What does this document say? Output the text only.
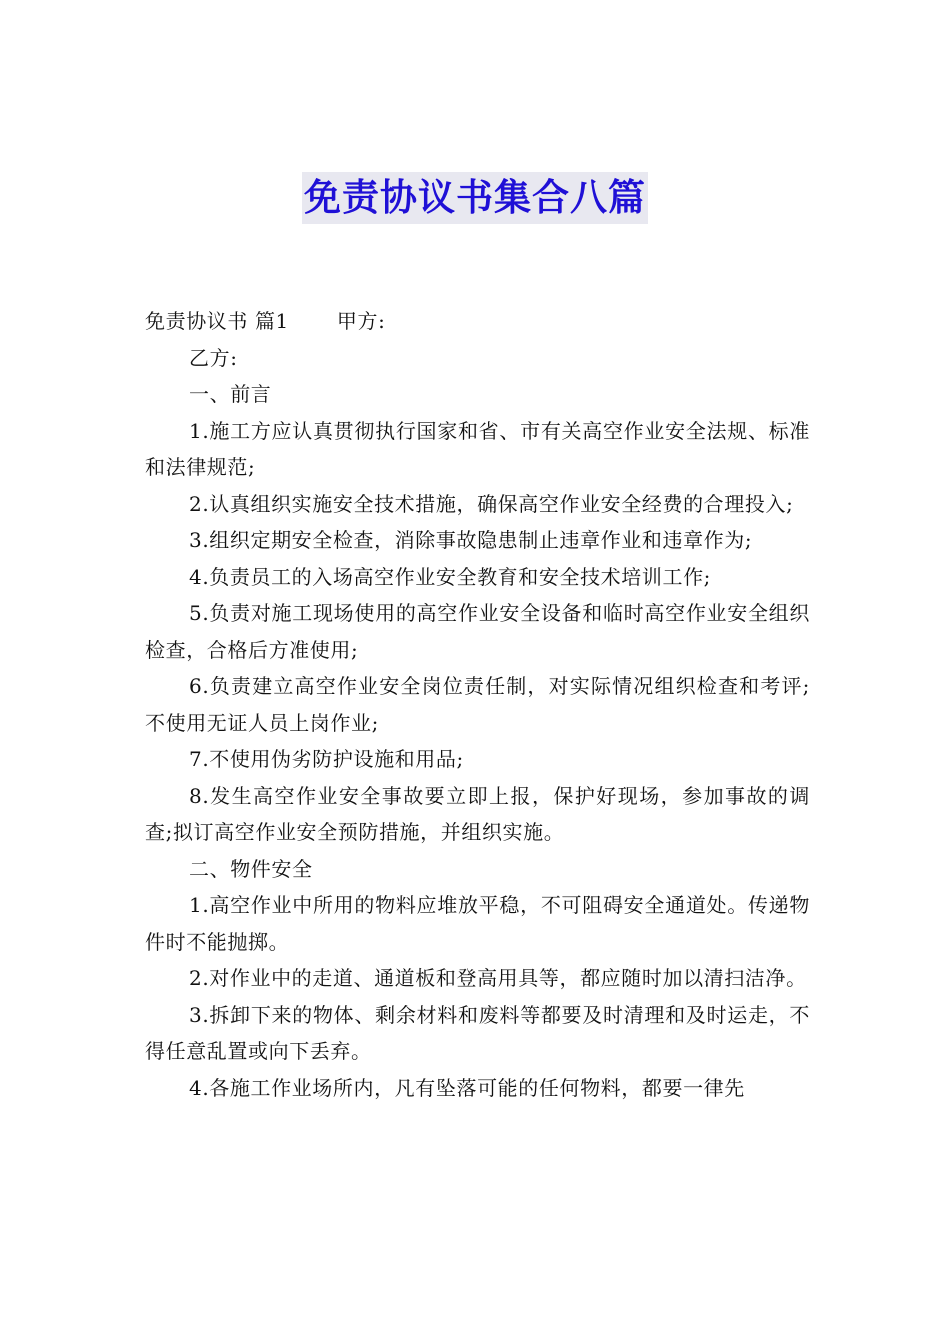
免责协议书集合八篇

免责协议书 篇1 甲方:

乙方:

一、前言

1.施工方应认真贯彻执行国家和省、市有关高空作业安全法规、标准和法律规范;

2.认真组织实施安全技术措施，确保高空作业安全经费的合理投入;

3.组织定期安全检查，消除事故隐患制止违章作业和违章作为;

4.负责员工的入场高空作业安全教育和安全技术培训工作;

5.负责对施工现场使用的高空作业安全设备和临时高空作业安全组织检查，合格后方准使用;

6.负责建立高空作业安全岗位责任制，对实际情况组织检查和考评;不使用无证人员上岗作业;

7.不使用伪劣防护设施和用品;

8.发生高空作业安全事故要立即上报，保护好现场，参加事故的调查;拟订高空作业安全预防措施，并组织实施。

二、物件安全

1.高空作业中所用的物料应堆放平稳，不可阻碍安全通道处。传递物件时不能抛掷。

2.对作业中的走道、通道板和登高用具等，都应随时加以清扫洁净。

3.拆卸下来的物体、剩余材料和废料等都要及时清理和及时运走，不得任意乱置或向下丢弃。

4.各施工作业场所内，凡有坠落可能的任何物料，都要一律先
